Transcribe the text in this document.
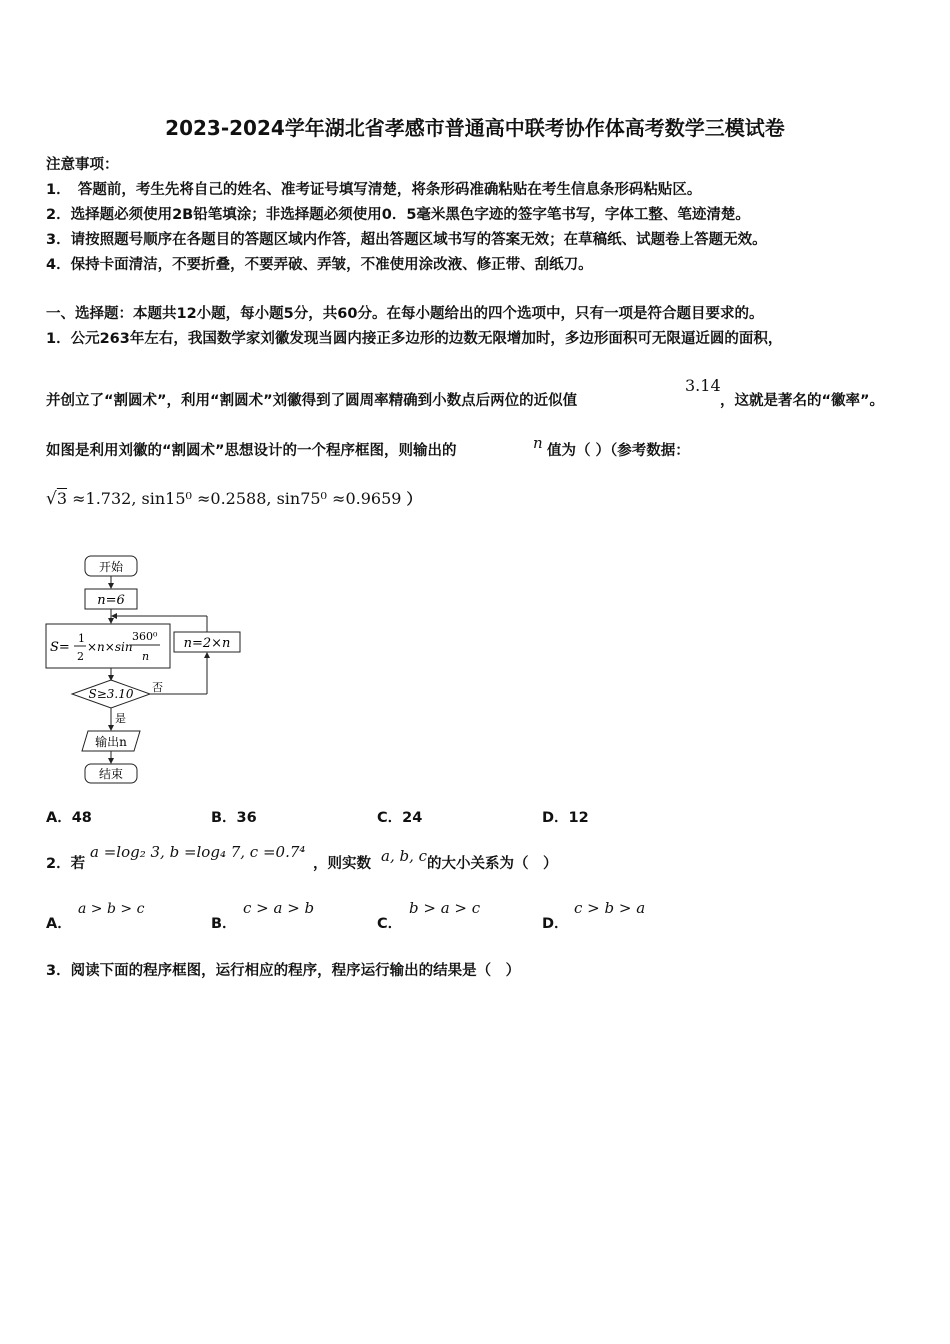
2023-2024学年湖北省孝感市普通高中联考协作体高考数学三模试卷
注意事项：
1．　答题前，考生先将自己的姓名、准考证号填写清楚，将条形码准确粘贴在考生信息条形码粘贴区。
2．选择题必须使用2B铅笔填涂；非选择题必须使用0．5毫米黑色字迹的签字笔书写，字体工整、笔迹清楚。
3．请按照题号顺序在各题目的答题区域内作答，超出答题区域书写的答案无效；在草稿纸、试题卷上答题无效。
4．保持卡面清洁，不要折叠，不要弄破、弄皱，不准使用涂改液、修正带、刮纸刀。
一、选择题：本题共12小题，每小题5分，共60分。在每小题给出的四个选项中，只有一项是符合题目要求的。
1．公元263年左右，我国数学家刘徽发现当圆内接正多边形的边数无限增加时，多边形面积可无限逼近圆的面积，
并创立了“割圆术”，利用“割圆术”刘徽得到了圆周率精确到小数点后两位的近似值
3.14
，这就是著名的“徽率”。
如图是利用刘徽的“割圆术”思想设计的一个程序框图，则输出的	n 值为（ ）（参考数据：
√3 ≈1.732, sin15⁰ ≈0.2588, sin75⁰ ≈0.9659 ）
开始
n=6
S=
1
2
×n×sin
360⁰
n
n=2×n
S≥3.10 否
是
输出n
结束
A．48	B．36	C．24	D．12
2．若
a =log₂ 3, b =log₄ 7, c =0.7⁴
，则实数 a, b, c 的大小关系为（　）
A．
a > b > c
B．
c > a > b
C．
b > a > c
D．
c > b > a
3．阅读下面的程序框图，运行相应的程序，程序运行输出的结果是（　）
